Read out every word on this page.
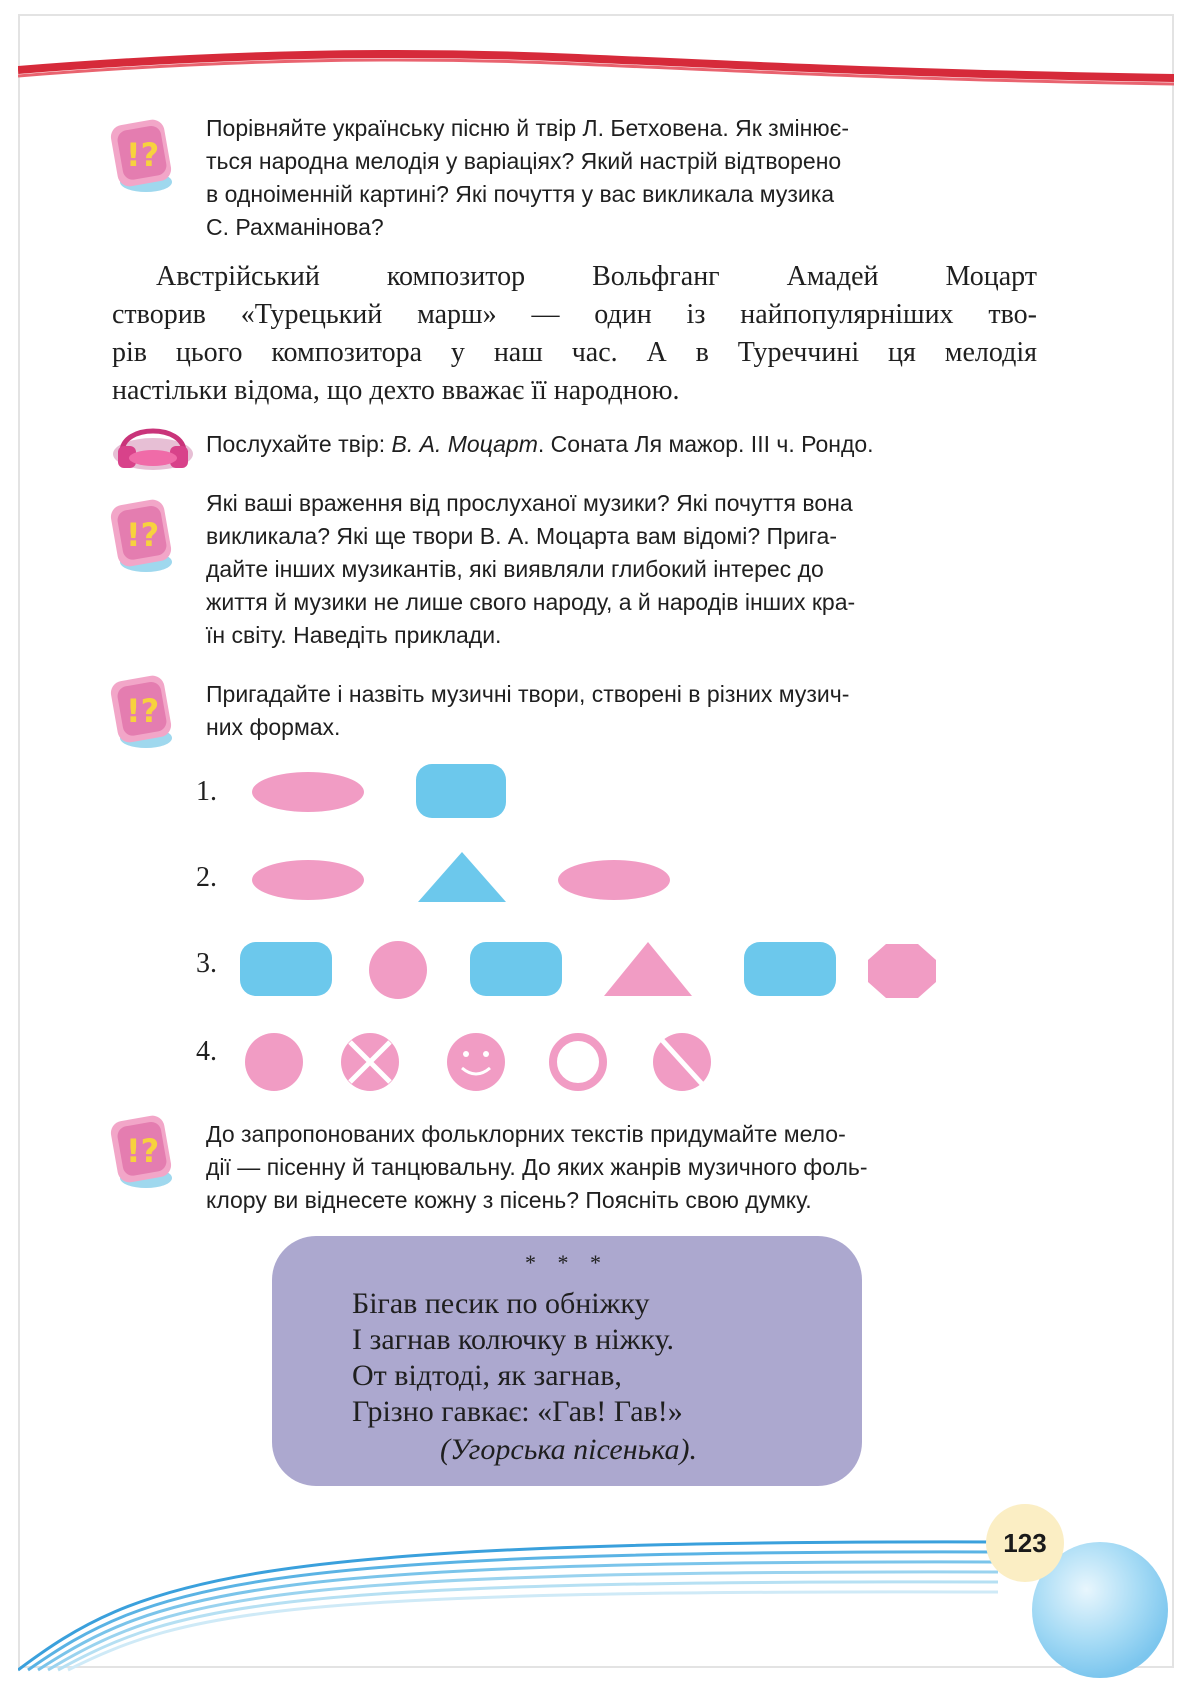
!?
Порівняйте українську пісню й твір Л. Бетховена. Як змінює-
ться народна мелодія у варіаціях? Який настрій відтворено
в одноіменній картині? Які почуття у вас викликала музика
С. Рахманінова?
Австрійський композитор Вольфганг Амадей Моцарт
створив «Турецький марш» — один із найпопулярніших тво-
рів цього композитора у наш час. А в Туреччині ця мелодія
настільки відома, що дехто вважає її народною.
Послухайте твір: В. А. Моцарт. Соната Ля мажор. ІІІ ч. Рондо.
!?
Які ваші враження від прослуханої музики? Які почуття вона
викликала? Які ще твори В. А. Моцарта вам відомі? Прига-
дайте інших музикантів, які виявляли глибокий інтерес до
життя й музики не лише свого народу, а й народів інших кра-
їн світу. Наведіть приклади.
!? Пригадайте і назвіть музичні твори, створені в різних музич-
них формах.
1.
2.
3.
4.
!? До запропонованих фольклорних текстів придумайте мело-
дії — пісенну й танцювальну. До яких жанрів музичного фоль-
клору ви віднесете кожну з пісень? Поясніть свою думку.
* * *
Бігав песик по обніжку
І загнав колючку в ніжку.
От відтоді, як загнав,
Грізно гавкає: «Гав! Гав!»
(Угорська пісенька).
123
